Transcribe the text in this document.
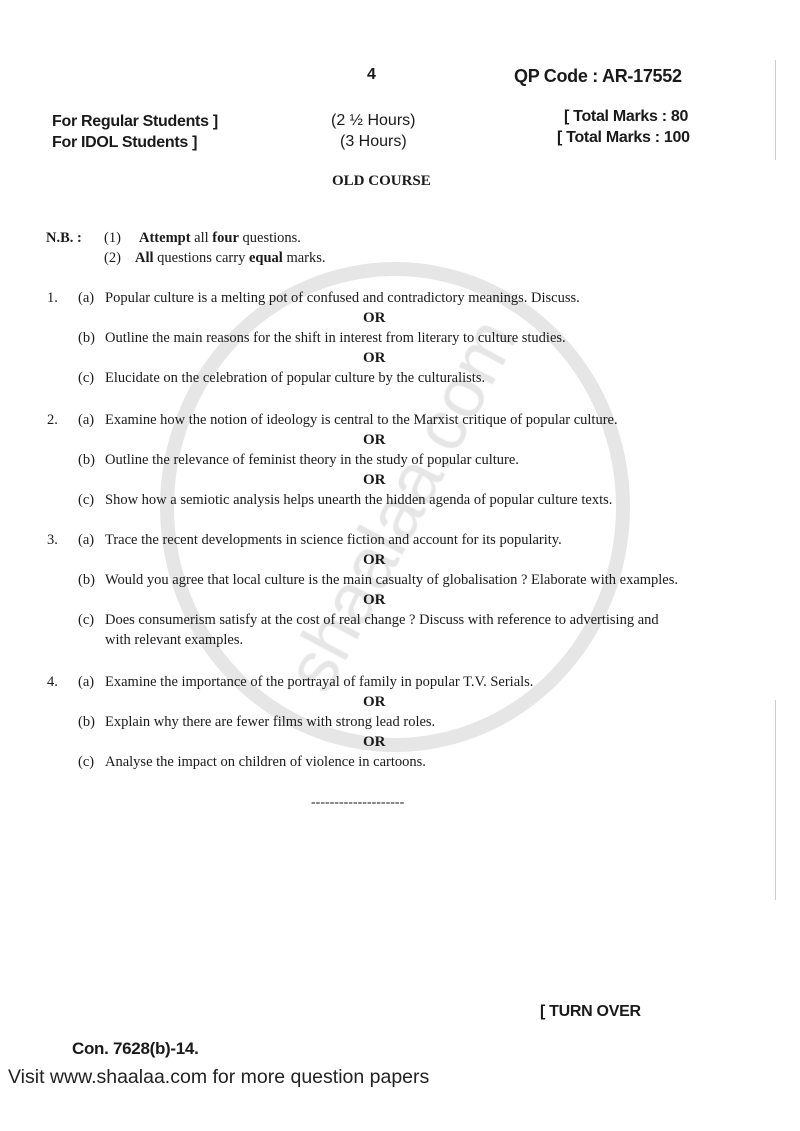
4	QP Code : AR-17552
For Regular Students ]
For IDOL Students ]
(2 ½ Hours)
(3 Hours)
[ Total Marks : 80
[ Total Marks : 100
OLD COURSE
N.B. : (1) Attempt all four questions.
(2) All questions carry equal marks.
1. (a) Popular culture is a melting pot of confused and contradictory meanings. Discuss.
OR
(b) Outline the main reasons for the shift in interest from literary to culture studies.
OR
(c) Elucidate on the celebration of popular culture by the culturalists.
2. (a) Examine how the notion of ideology is central to the Marxist critique of popular culture.
OR
(b) Outline the relevance of feminist theory in the study of popular culture.
OR
(c) Show how a semiotic analysis helps unearth the hidden agenda of popular culture texts.
3. (a) Trace the recent developments in science fiction and account for its popularity.
OR
(b) Would you agree that local culture is the main casualty of globalisation ? Elaborate with examples.
OR
(c) Does consumerism satisfy at the cost of real change ? Discuss with reference to advertising and
with relevant examples.
4. (a) Examine the importance of the portrayal of family in popular T.V. Serials.
OR
(b) Explain why there are fewer films with strong lead roles.
OR
(c) Analyse the impact on children of violence in cartoons.
--------------------
[ TURN OVER
Con. 7628(b)-14.
Visit www.shaalaa.com for more question papers
